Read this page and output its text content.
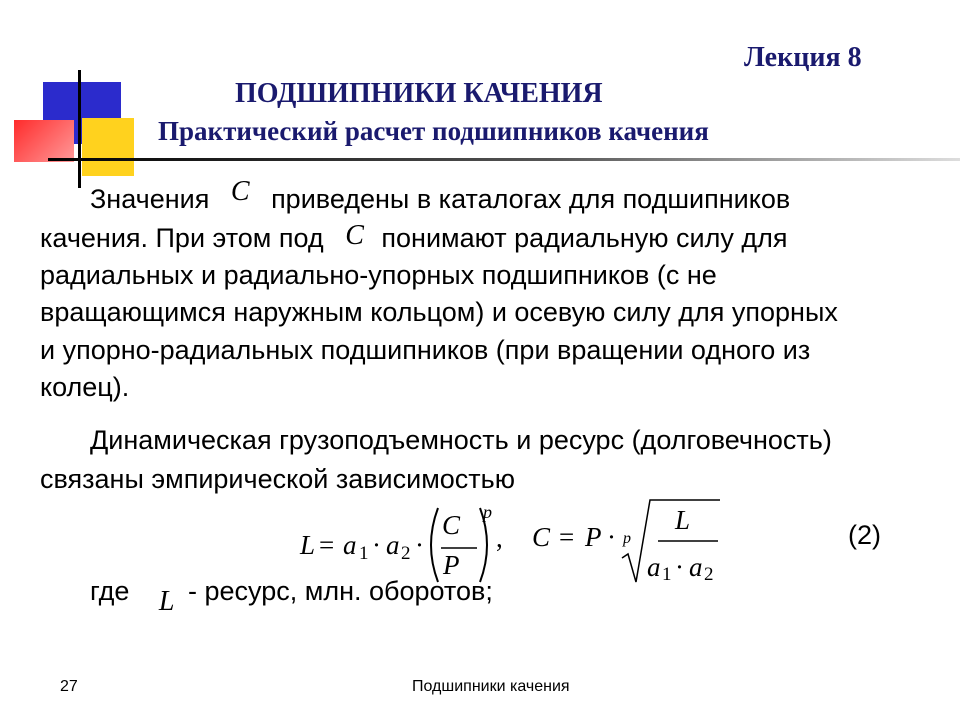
Лекция 8
ПОДШИПНИКИ КАЧЕНИЯ
Практический расчет подшипников качения
Значения C приведены в каталогах для подшипников
качения. При этом под C понимают радиальную силу для
радиальных и радиально-упорных подшипников (с не
вращающимся наружным кольцом) и осевую силу для упорных
и упорно-радиальных подшипников (при вращении одного из
колец).
Динамическая грузоподъемность и ресурс (долговечность)
связаны эмпирической зависимостью
L = a 1 · a 2 ·
C
P
p
, C = P · p
L
a 1 · a 2
(2)
где L - ресурс, млн. оборотов;
27	Подшипники качения
